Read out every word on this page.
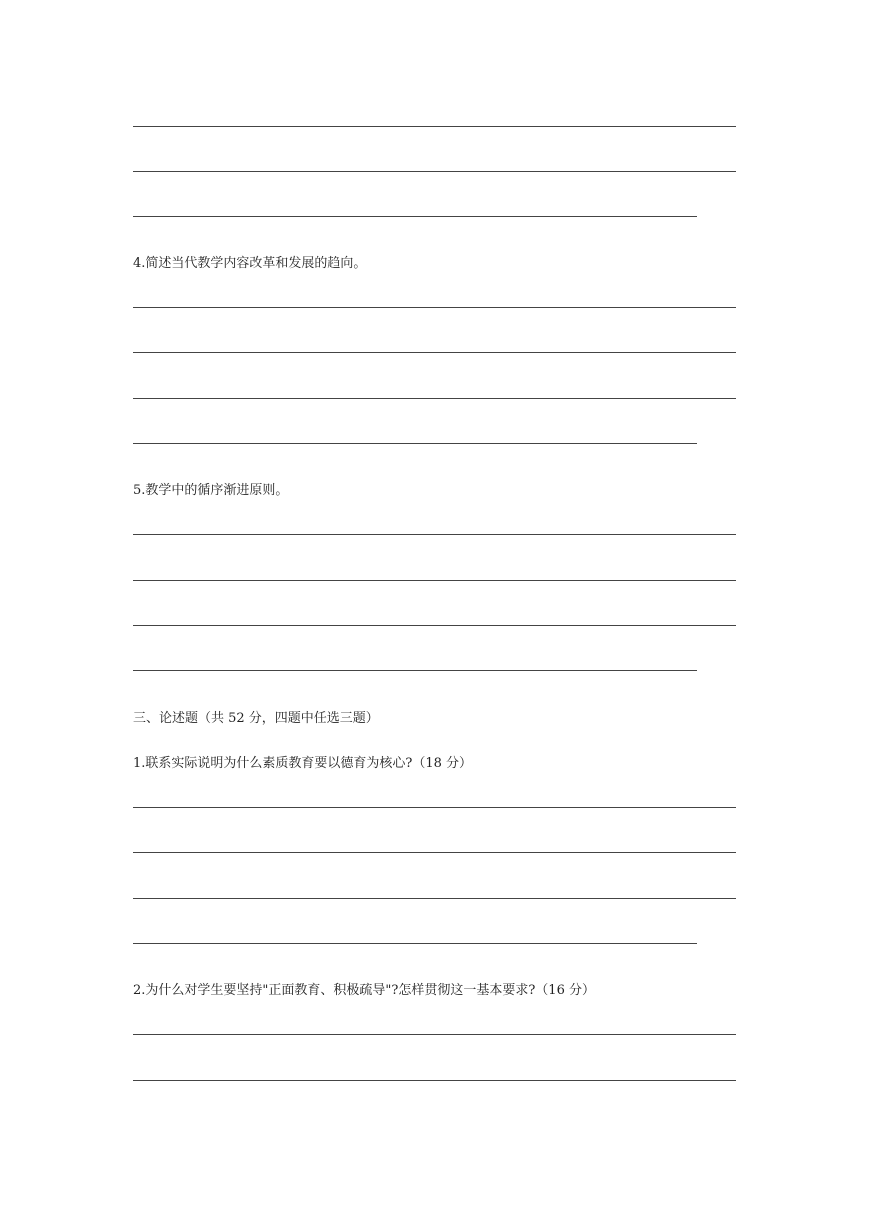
4.简述当代教学内容改革和发展的趋向。
5.教学中的循序渐进原则。
三、论述题（共 52 分，四题中任选三题）
1.联系实际说明为什么素质教育要以德育为核心?（18 分）
2.为什么对学生要坚持"正面教育、积极疏导"?怎样贯彻这一基本要求?（16 分）
